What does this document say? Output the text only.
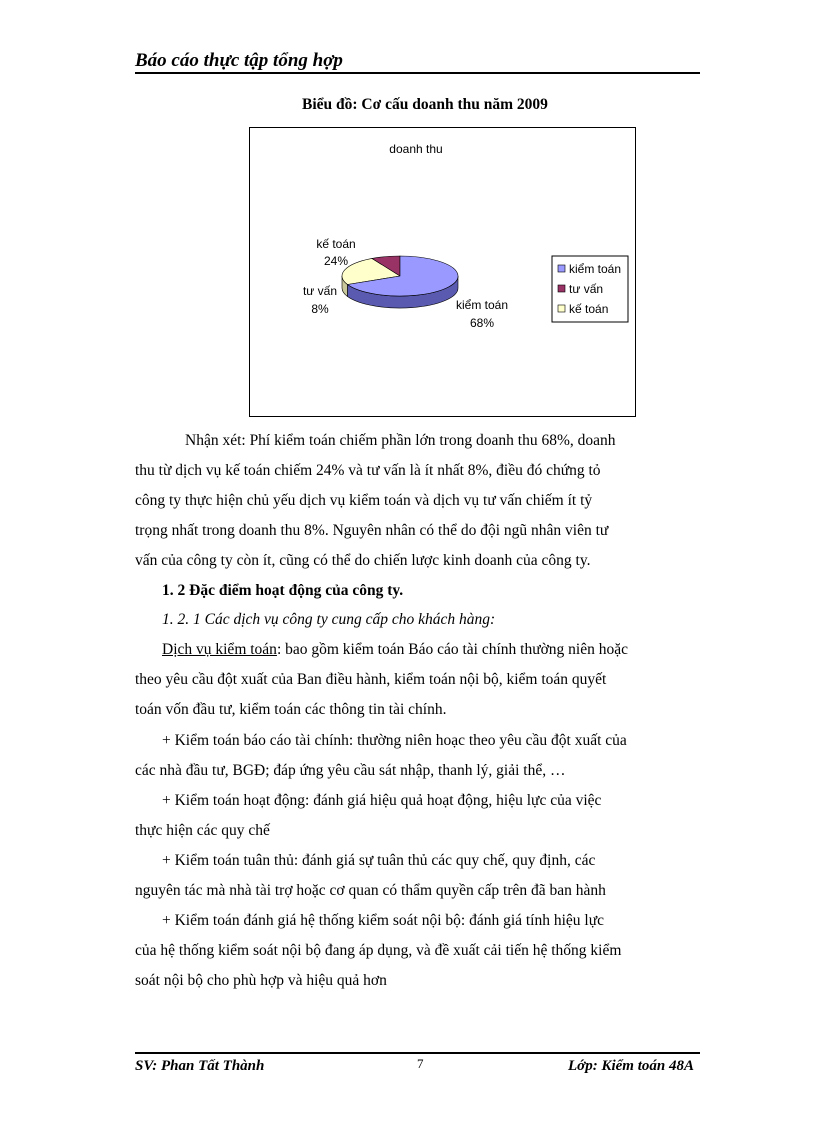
Báo cáo thực tập tổng hợp
Biểu đồ: Cơ cấu doanh thu năm 2009
doanh thu
kế toán
24%
tư vấn
8%	kiểm toán
68%
kiểm toán
tư vấn
kế toán
Nhận xét: Phí kiểm toán chiếm phần lớn trong doanh thu 68%, doanh
thu từ dịch vụ kế toán chiếm 24% và tư vấn là ít nhất 8%, điều đó chứng tỏ
công ty thực hiện chủ yếu dịch vụ kiểm toán và dịch vụ tư vấn chiếm ít tỷ
trọng nhất trong doanh thu 8%. Nguyên nhân có thể do đội ngũ nhân viên tư
vấn của công ty còn ít, cũng có thể do chiến lược kinh doanh của công ty.
1. 2 Đặc điểm hoạt động của công ty.
1. 2. 1 Các dịch vụ công ty cung cấp cho khách hàng:
Dịch vụ kiểm toán: bao gồm kiểm toán Báo cáo tài chính thường niên hoặc
theo yêu cầu đột xuất của Ban điều hành, kiểm toán nội bộ, kiểm toán quyết
toán vốn đầu tư, kiểm toán các thông tin tài chính.
+ Kiểm toán báo cáo tài chính: thường niên hoạc theo yêu cầu đột xuất của
các nhà đầu tư, BGĐ; đáp ứng yêu cầu sát nhập, thanh lý, giải thể, …
+ Kiểm toán hoạt động: đánh giá hiệu quả hoạt động, hiệu lực của việc
thực hiện các quy chế
+ Kiểm toán tuân thủ: đánh giá sự tuân thủ các quy chế, quy định, các
nguyên tác mà nhà tài trợ hoặc cơ quan có thẩm quyền cấp trên đã ban hành
+ Kiểm toán đánh giá hệ thống kiểm soát nội bộ: đánh giá tính hiệu lực
của hệ thống kiểm soát nội bộ đang áp dụng, và đề xuất cải tiến hệ thống kiểm
soát nội bộ cho phù hợp và hiệu quả hơn
SV: Phan Tất Thành	7	Lớp: Kiểm toán 48A
